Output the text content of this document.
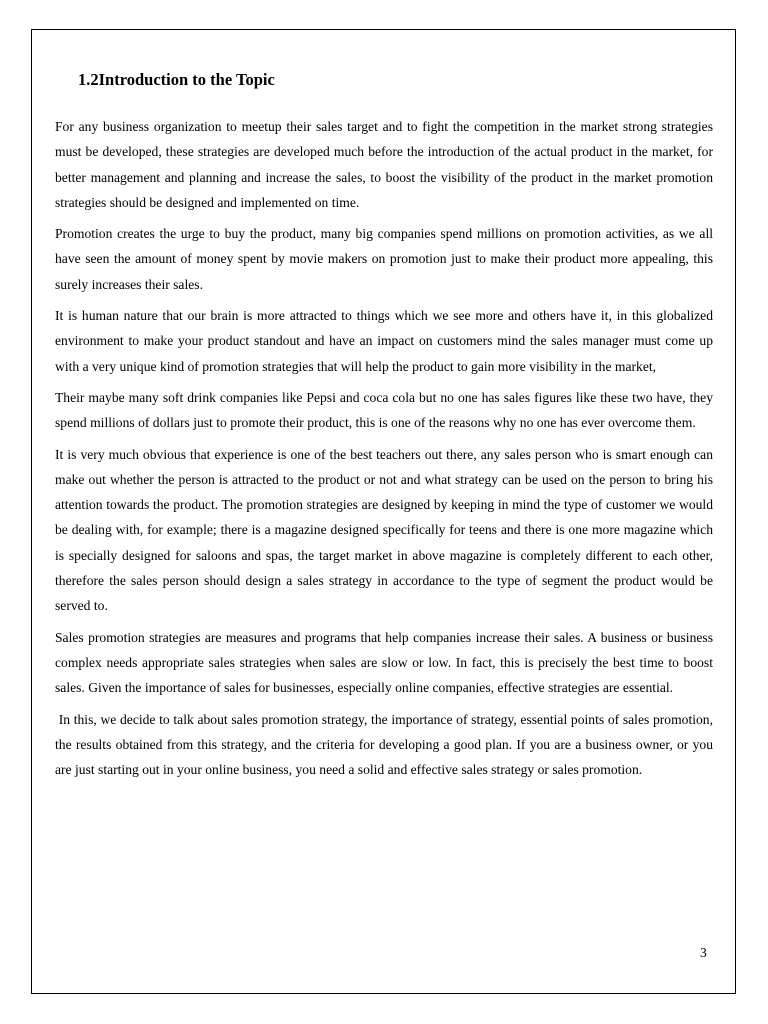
1.2Introduction to the Topic

For any business organization to meetup their sales target and to fight the competition in the market strong strategies must be developed, these strategies are developed much before the introduction of the actual product in the market, for better management and planning and increase the sales, to boost the visibility of the product in the market promotion strategies should be designed and implemented on time.

Promotion creates the urge to buy the product, many big companies spend millions on promotion activities, as we all have seen the amount of money spent by movie makers on promotion just to make their product more appealing, this surely increases their sales.

It is human nature that our brain is more attracted to things which we see more and others have it, in this globalized environment to make your product standout and have an impact on customers mind the sales manager must come up with a very unique kind of promotion strategies that will help the product to gain more visibility in the market,

Their maybe many soft drink companies like Pepsi and coca cola but no one has sales figures like these two have, they spend millions of dollars just to promote their product, this is one of the reasons why no one has ever overcome them.

It is very much obvious that experience is one of the best teachers out there, any sales person who is smart enough can make out whether the person is attracted to the product or not and what strategy can be used on the person to bring his attention towards the product. The promotion strategies are designed by keeping in mind the type of customer we would be dealing with, for example; there is a magazine designed specifically for teens and there is one more magazine which is specially designed for saloons and spas, the target market in above magazine is completely different to each other, therefore the sales person should design a sales strategy in accordance to the type of segment the product would be served to.

Sales promotion strategies are measures and programs that help companies increase their sales. A business or business complex needs appropriate sales strategies when sales are slow or low. In fact, this is precisely the best time to boost sales. Given the importance of sales for businesses, especially online companies, effective strategies are essential.

In this, we decide to talk about sales promotion strategy, the importance of strategy, essential points of sales promotion, the results obtained from this strategy, and the criteria for developing a good plan. If you are a business owner, or you are just starting out in your online business, you need a solid and effective sales strategy or sales promotion.

3
